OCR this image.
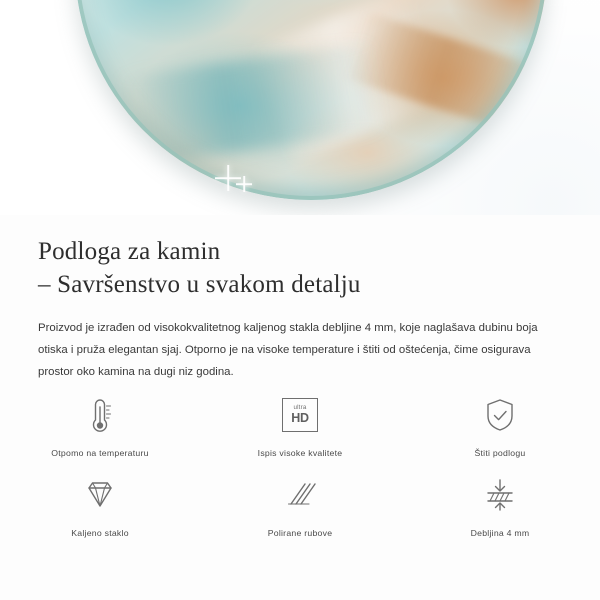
Podloga za kamin
– Savršenstvo u svakom detalju

Proizvod je izrađen od visokokvalitetnog kaljenog stakla debljine 4 mm, koje naglašava dubinu boja otiska i pruža elegantan sjaj. Otporno je na visoke temperature i štiti od oštećenja, čime osigurava prostor oko kamina na dugi niz godina.

Otpomo na temperaturu
ultra
HD
Ispis visoke kvalitete	Štiti podlogu
Kaljeno staklo	Polirane rubove	Debljina 4 mm
